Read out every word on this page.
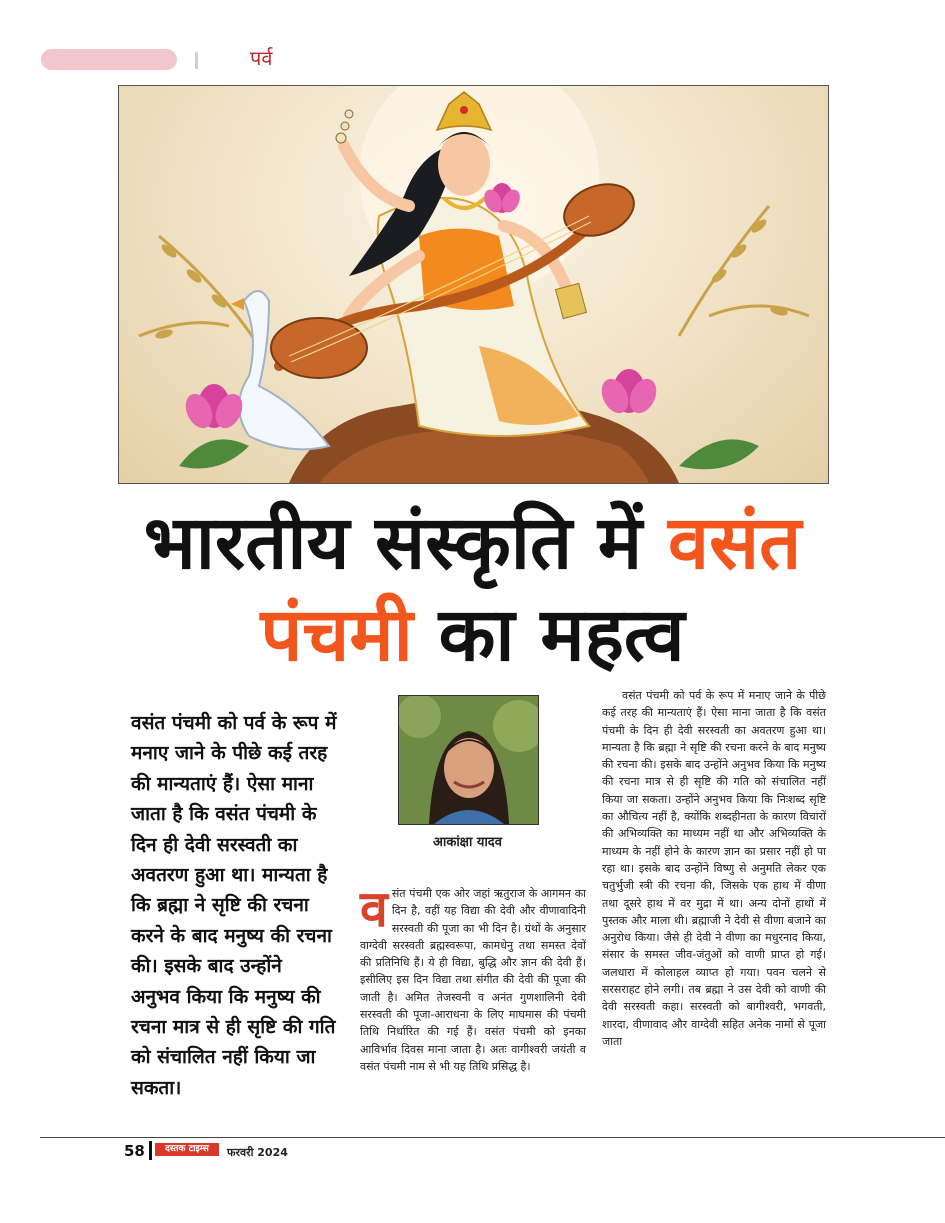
पर्व
भारतीय संस्कृति में वसंत
पंचमी का महत्व
वसंत पंचमी को पर्व के रूप में मनाए जाने के पीछे कई तरह की मान्यताएं हैं। ऐसा माना जाता है कि वसंत पंचमी के दिन ही देवी सरस्वती का अवतरण हुआ था। मान्यता है कि ब्रह्मा ने सृष्टि की रचना करने के बाद मनुष्य की रचना की। इसके बाद उन्होंने अनुभव किया कि मनुष्य की रचना मात्र से ही सृष्टि की गति को संचालित नहीं किया जा सकता।
आकांक्षा यादव
वसंत पंचमी एक ओर जहां ऋतुराज के आगमन का दिन है, वहीं यह विद्या की देवी और वीणावादिनी सरस्वती की पूजा का भी दिन है। ग्रंथों के अनुसार वाग्देवी सरस्वती ब्रह्मस्वरूपा, कामधेनु तथा समस्त देवों की प्रतिनिधि हैं। ये ही विद्या, बुद्धि और ज्ञान की देवी हैं। इसीलिए इस दिन विद्या तथा संगीत की देवी की पूजा की जाती है। अमित तेजस्वनी व अनंत गुणशालिनी देवी सरस्वती की पूजा-आराधना के लिए माघमास की पंचमी तिथि निर्धारित की गई हैं। वसंत पंचमी को इनका आविर्भाव दिवस माना जाता है। अतः वागीश्वरी जयंती व वसंत पंचमी नाम से भी यह तिथि प्रसिद्ध है।
वसंत पंचमी को पर्व के रूप में मनाए जाने के पीछे कई तरह की मान्यताएं हैं। ऐसा माना जाता है कि वसंत पंचमी के दिन ही देवी सरस्वती का अवतरण हुआ था। मान्यता है कि ब्रह्मा ने सृष्टि की रचना करने के बाद मनुष्य की रचना की। इसके बाद उन्होंने अनुभव किया कि मनुष्य की रचना मात्र से ही सृष्टि की गति को संचालित नहीं किया जा सकता। उन्होंने अनुभव किया कि निःशब्द सृष्टि का औचित्य नहीं है, क्योंकि शब्दहीनता के कारण विचारों की अभिव्यक्ति का माध्यम नहीं था और अभिव्यक्ति के माध्यम के नहीं होने के कारण ज्ञान का प्रसार नहीं हो पा रहा था। इसके बाद उन्होंने विष्णु से अनुमति लेकर एक चतुर्भुजी स्त्री की रचना की, जिसके एक हाथ में वीणा तथा दूसरे हाथ में वर मुद्रा में था। अन्य दोनों हाथों में पुस्तक और माला थी। ब्रह्माजी ने देवी से वीणा बजाने का अनुरोध किया। जैसे ही देवी ने वीणा का मधुरनाद किया, संसार के समस्त जीव-जंतुओं को वाणी प्राप्त हो गई। जलधारा में कोलाहल व्याप्त हो गया। पवन चलने से सरसराहट होने लगी। तब ब्रह्मा ने उस देवी को वाणी की देवी सरस्वती कहा। सरस्वती को बागीश्वरी, भगवती, शारदा, वीणावाद और वाग्देवी सहित अनेक नामों से पूजा जाता
58	दस्तक टाइम्स	फरवरी 2024
